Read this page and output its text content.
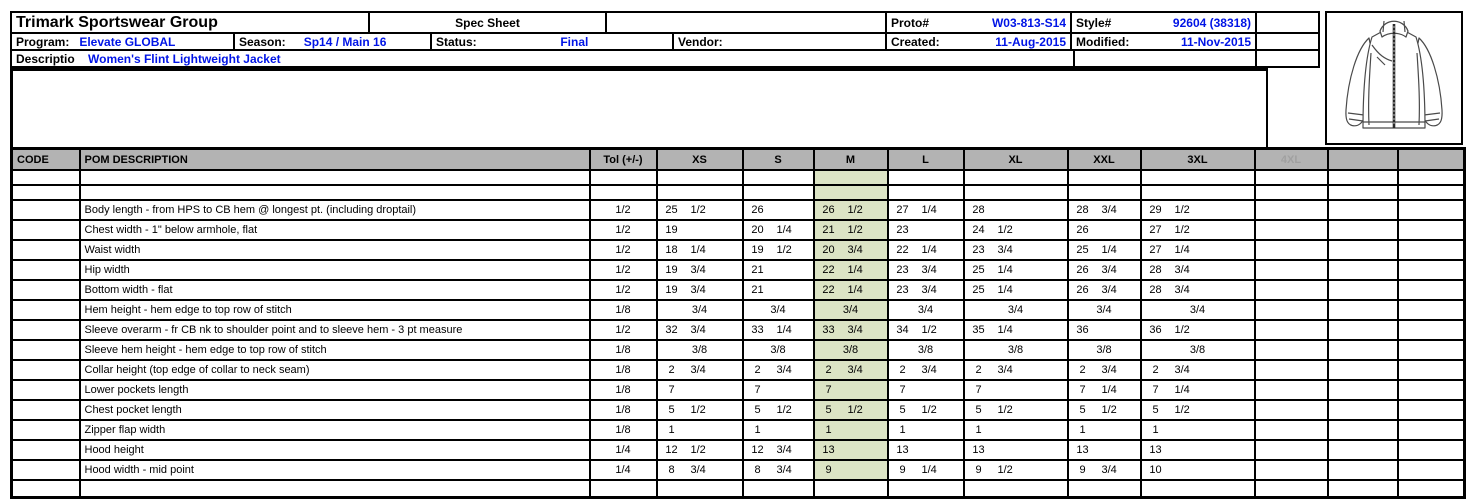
Trimark Sportswear Group	Spec Sheet	Proto#	W03-813-S14 Style#	92604 (38318)
Program: Elevate GLOBAL	Season:	Sp14 / Main 16	Status:	Final	Vendor:	Created:	11-Aug-2015 Modified:	11-Nov-2015
Descriptio	Women's Flint Lightweight Jacket
CODE	POM DESCRIPTION	Tol (+/-)	XS	S	M	L	XL	XXL	3XL	4XL		

	Body length - from HPS to CB hem @ longest pt. (including droptail)	1/2	25 1/2	26	26 1/2	27 1/4	28	28 3/4	29 1/2			
	Chest width - 1" below armhole, flat	1/2	19	20 1/4	21 1/2	23	24 1/2	26	27 1/2			
	Waist width	1/2	18 1/4	19 1/2	20 3/4	22 1/4	23 3/4	25 1/4	27 1/4			
	Hip width	1/2	19 3/4	21	22 1/4	23 3/4	25 1/4	26 3/4	28 3/4			
	Bottom width - flat	1/2	19 3/4	21	22 1/4	23 3/4	25 1/4	26 3/4	28 3/4			
	Hem height - hem edge to top row of stitch	1/8	3/4	3/4	3/4	3/4	3/4	3/4	3/4			
	Sleeve overarm - fr CB nk to shoulder point and to sleeve hem - 3 pt measure	1/2	32 3/4	33 1/4	33 3/4	34 1/2	35 1/4	36	36 1/2			
	Sleeve hem height - hem edge to top row of stitch	1/8	3/8	3/8	3/8	3/8	3/8	3/8	3/8			
	Collar height (top edge of collar to neck seam)	1/8	2 3/4	2 3/4	2 3/4	2 3/4	2 3/4	2 3/4	2 3/4			
	Lower pockets length	1/8	7	7	7	7	7	7 1/4	7 1/4			
	Chest pocket length	1/8	5 1/2	5 1/2	5 1/2	5 1/2	5 1/2	5 1/2	5 1/2			
	Zipper flap width	1/8	1	1	1	1	1	1	1			
	Hood height	1/4	12 1/2	12 3/4	13	13	13	13	13			
	Hood width - mid point	1/4	8 3/4	8 3/4	9	9 1/4	9 1/2	9 3/4	10			
